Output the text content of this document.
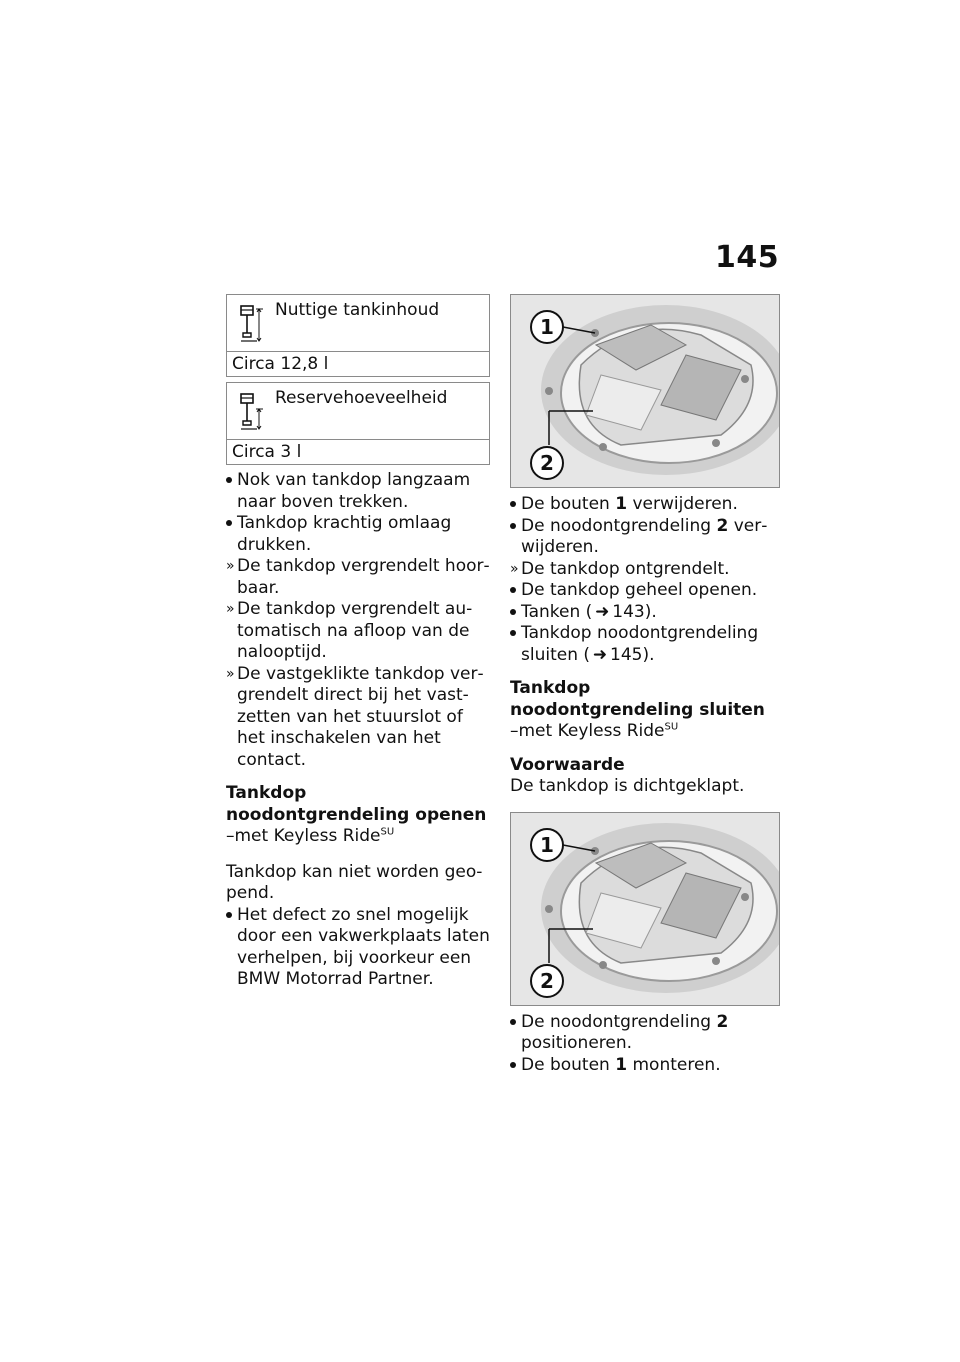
145
Nuttige tankinhoud
Circa 12,8 l
Reservehoeveelheid
Circa 3 l
Nok van tankdop langzaam naar boven trekken.
Tankdop krachtig omlaag drukken.
» De tankdop vergrendelt hoorbaar.
» De tankdop vergrendelt automatisch na afloop van de nalooptijd.
» De vastgeklikte tankdop vergrendelt direct bij het vastzetten van het stuurslot of het inschakelen van het contact.
Tankdop noodontgrendeling openen
–met Keyless Ride$^{SU}$
Tankdop kan niet worden geopend.
Het defect zo snel mogelijk door een vakwerkplaats laten verhelpen, bij voorkeur een BMW Motorrad Partner.
1
2
De bouten 1 verwijderen.
De noodontgrendeling 2 verwijderen.
» De tankdop ontgrendelt.
De tankdop geheel openen.
Tanken ( ➜ 143).
Tankdop noodontgrendeling sluiten ( ➜ 145).
Tankdop noodontgrendeling sluiten
–met Keyless Ride$^{SU}$
Voorwaarde
De tankdop is dichtgeklapt.
1
2
De noodontgrendeling 2 positioneren.
De bouten 1 monteren.
